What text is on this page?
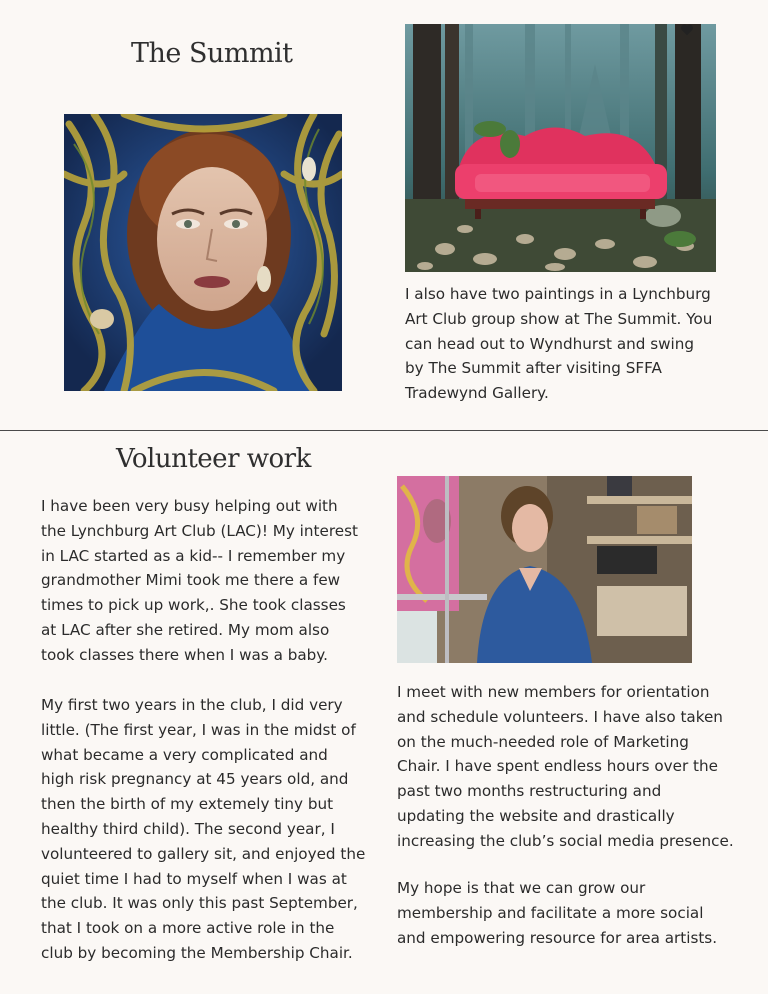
The Summit

I also have two paintings in a Lynchburg
Art Club group show at The Summit. You
can head out to Wyndhurst and swing
by The Summit after visiting SFFA
Tradewynd Gallery.

Volunteer work

I have been very busy helping out with
the Lynchburg Art Club (LAC)! My interest
in LAC started as a kid-- I remember my
grandmother Mimi took me there a few
times to pick up work,. She took classes
at LAC after she retired. My mom also
took classes there when I was a baby.

My first two years in the club, I did very
little. (The first year, I was in the midst of
what became a very complicated and
high risk pregnancy at 45 years old, and
then the birth of my extemely tiny but
healthy third child). The second year, I
volunteered to gallery sit, and enjoyed the
quiet time I had to myself when I was at
the club. It was only this past September,
that I took on a more active role in the
club by becoming the Membership Chair.

I meet with new members for orientation
and schedule volunteers. I have also taken
on the much-needed role of Marketing
Chair. I have spent endless hours over the
past two months restructuring and
updating the website and drastically
increasing the club’s social media presence.

My hope is that we can grow our
membership and facilitate a more social
and empowering resource for area artists.
